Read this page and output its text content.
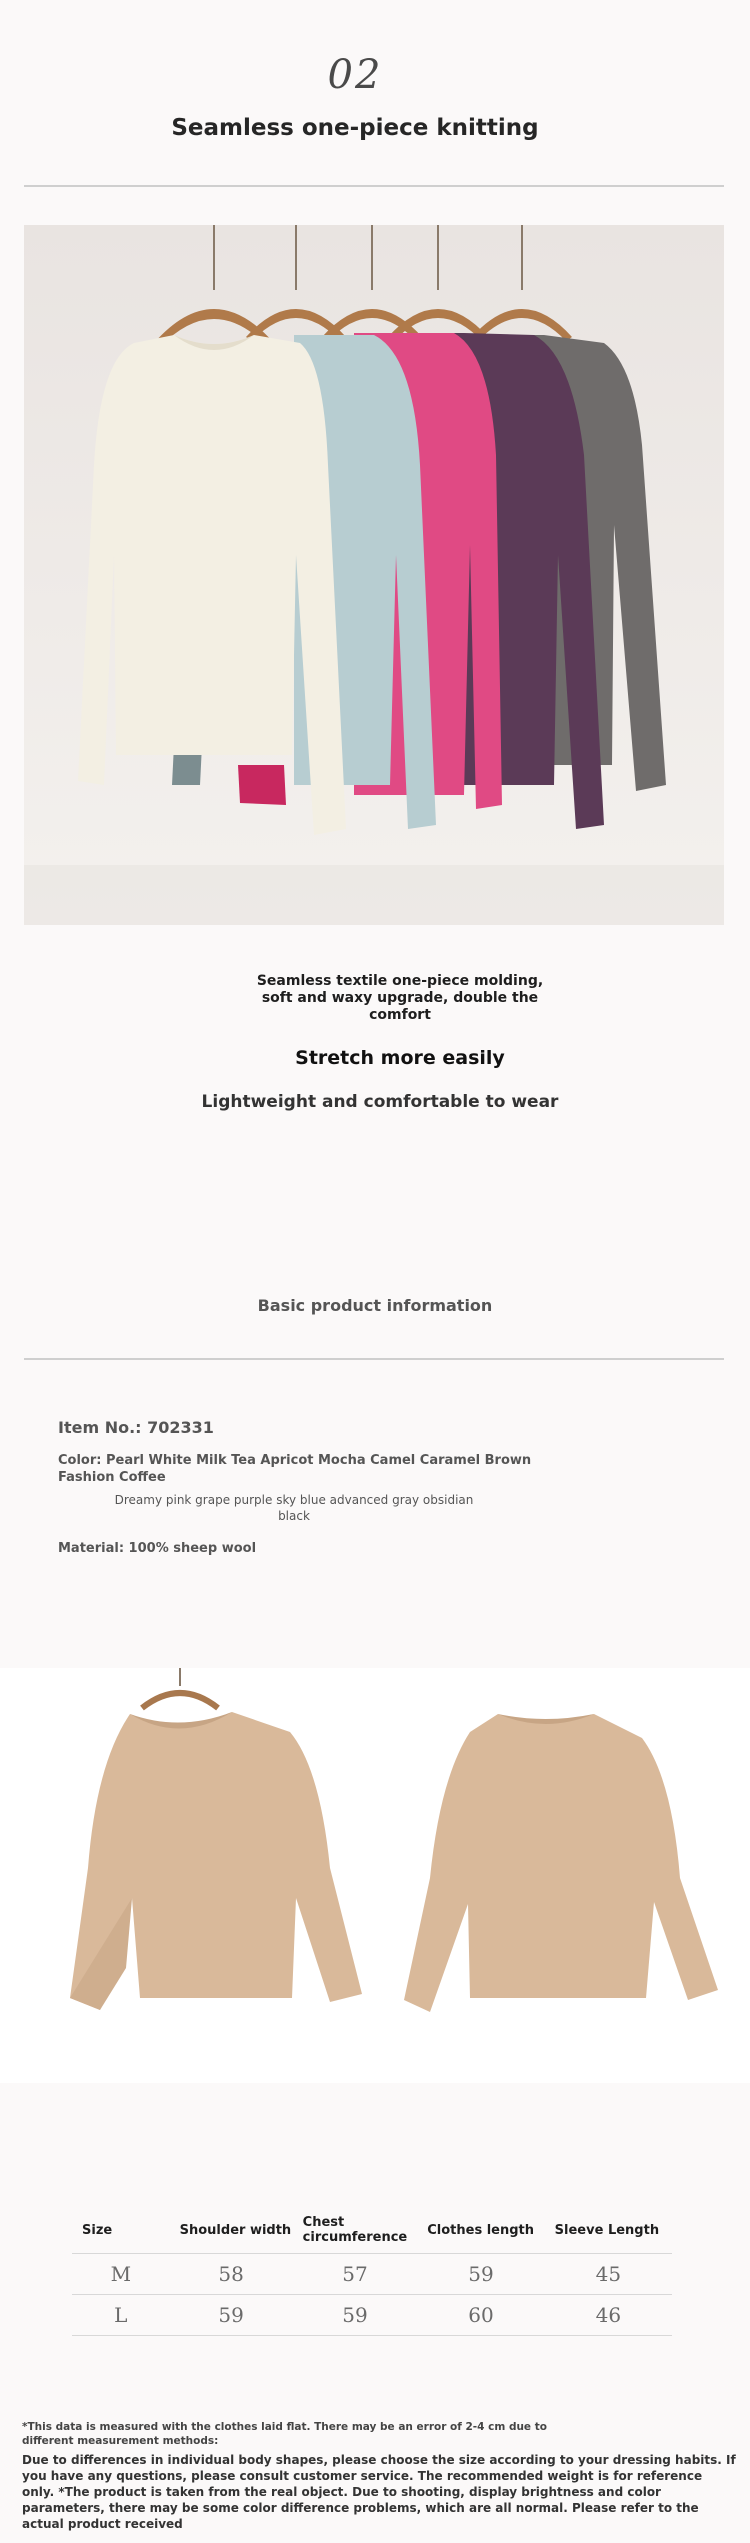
02
Seamless one-piece knitting
Seamless textile one-piece molding, soft and waxy upgrade, double the comfort
Stretch more easily
Lightweight and comfortable to wear
Basic product information
Item No.: 702331
Color: Pearl White Milk Tea Apricot Mocha Camel Caramel Brown Fashion Coffee
Dreamy pink grape purple sky blue advanced gray obsidian black
Material: 100% sheep wool
Size	Shoulder width	Chest circumference	Clothes length	Sleeve Length
M	58	57	59	45
L	59	59	60	46
*This data is measured with the clothes laid flat. There may be an error of 2-4 cm due to different measurement methods:
Due to differences in individual body shapes, please choose the size according to your dressing habits. If you have any questions, please consult customer service. The recommended weight is for reference only. *The product is taken from the real object. Due to shooting, display brightness and color parameters, there may be some color difference problems, which are all normal. Please refer to the actual product received
